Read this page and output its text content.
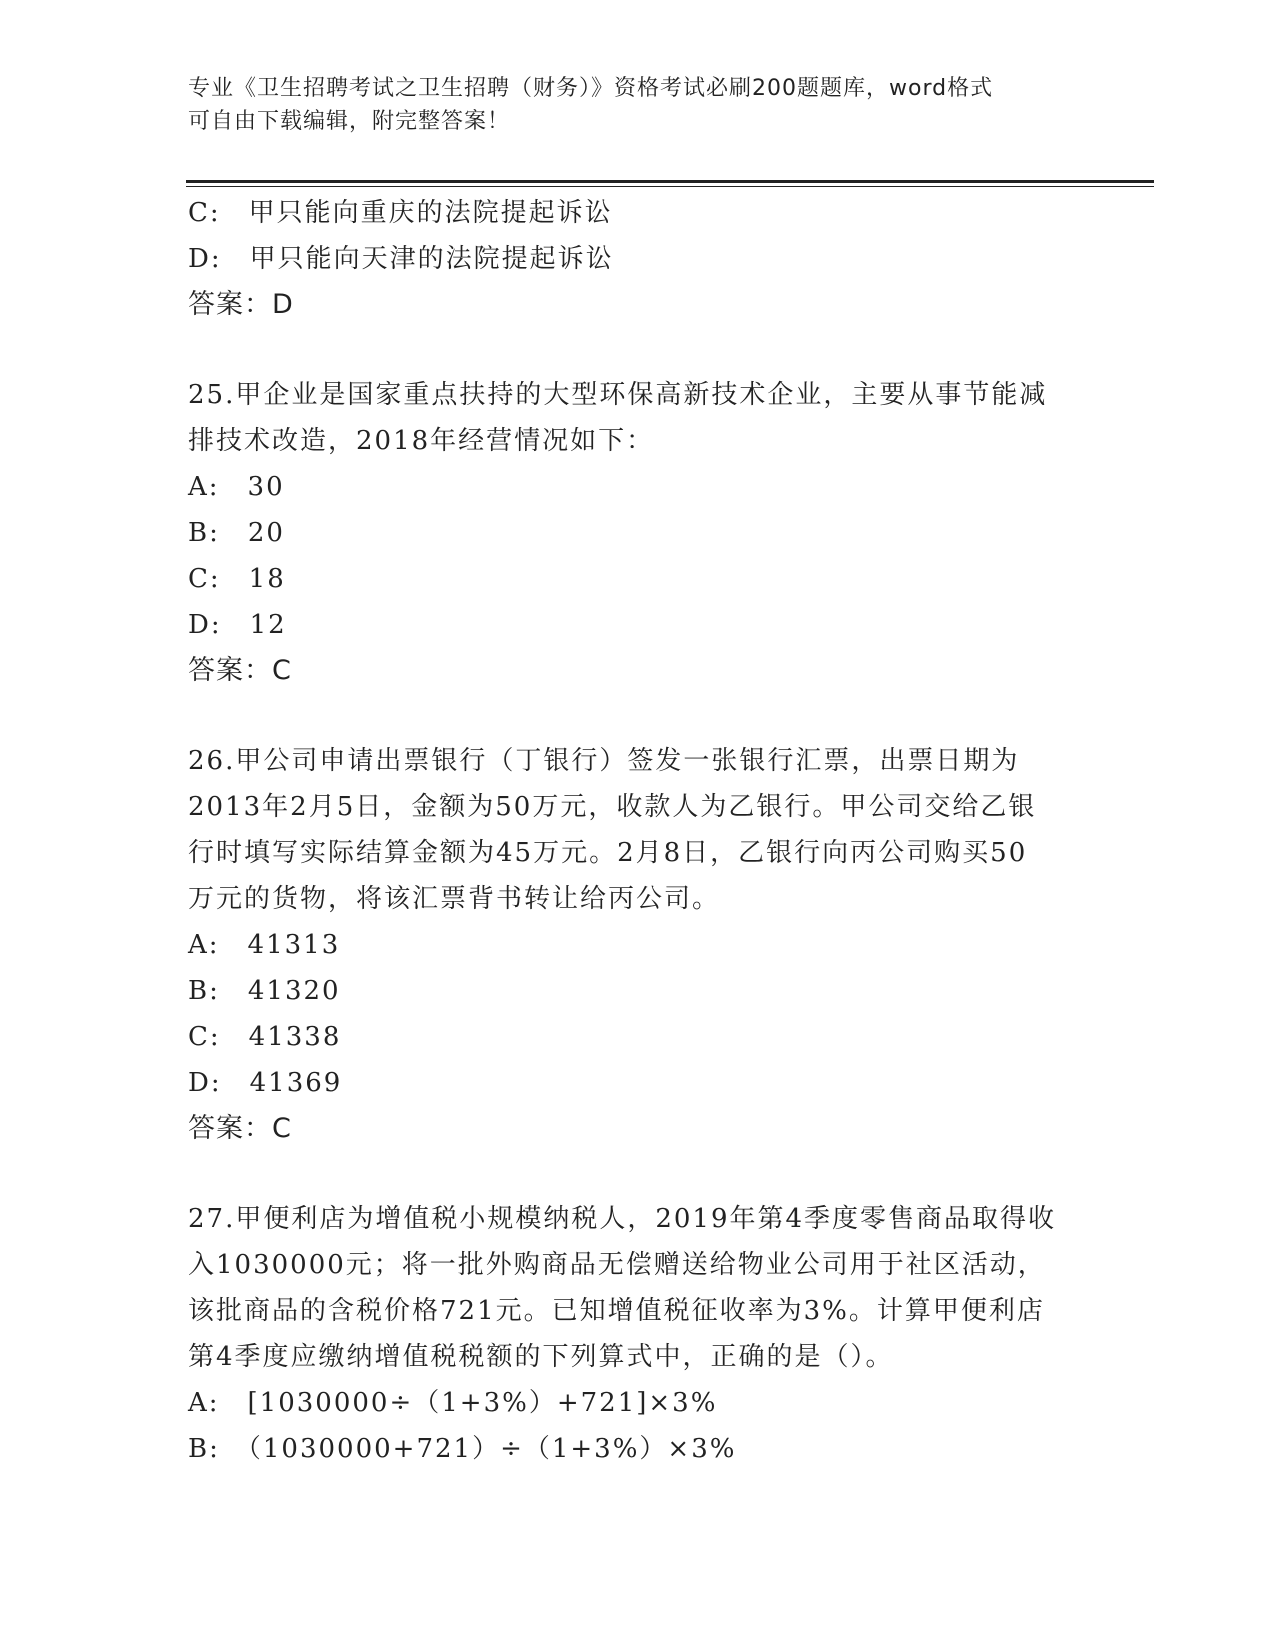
专业《卫生招聘考试之卫生招聘（财务）》资格考试必刷200题题库，word格式
可自由下载编辑，附完整答案！
C:　甲只能向重庆的法院提起诉讼
D:　甲只能向天津的法院提起诉讼
答案：D
25.甲企业是国家重点扶持的大型环保高新技术企业，主要从事节能减
排技术改造，2018年经营情况如下：
A:　30
B:　20
C:　18
D:　12
答案：C
26.甲公司申请出票银行（丁银行）签发一张银行汇票，出票日期为
2013年2月5日，金额为50万元，收款人为乙银行。甲公司交给乙银
行时填写实际结算金额为45万元。2月8日，乙银行向丙公司购买50
万元的货物，将该汇票背书转让给丙公司。
A:　41313
B:　41320
C:　41338
D:　41369
答案：C
27.甲便利店为增值税小规模纳税人，2019年第4季度零售商品取得收
入1030000元；将一批外购商品无偿赠送给物业公司用于社区活动，
该批商品的含税价格721元。已知增值税征收率为3%。计算甲便利店
第4季度应缴纳增值税税额的下列算式中，正确的是（）。
A:　[1030000÷（1+3%）+721]×3%
B:　（1030000+721）÷（1+3%）×3%
